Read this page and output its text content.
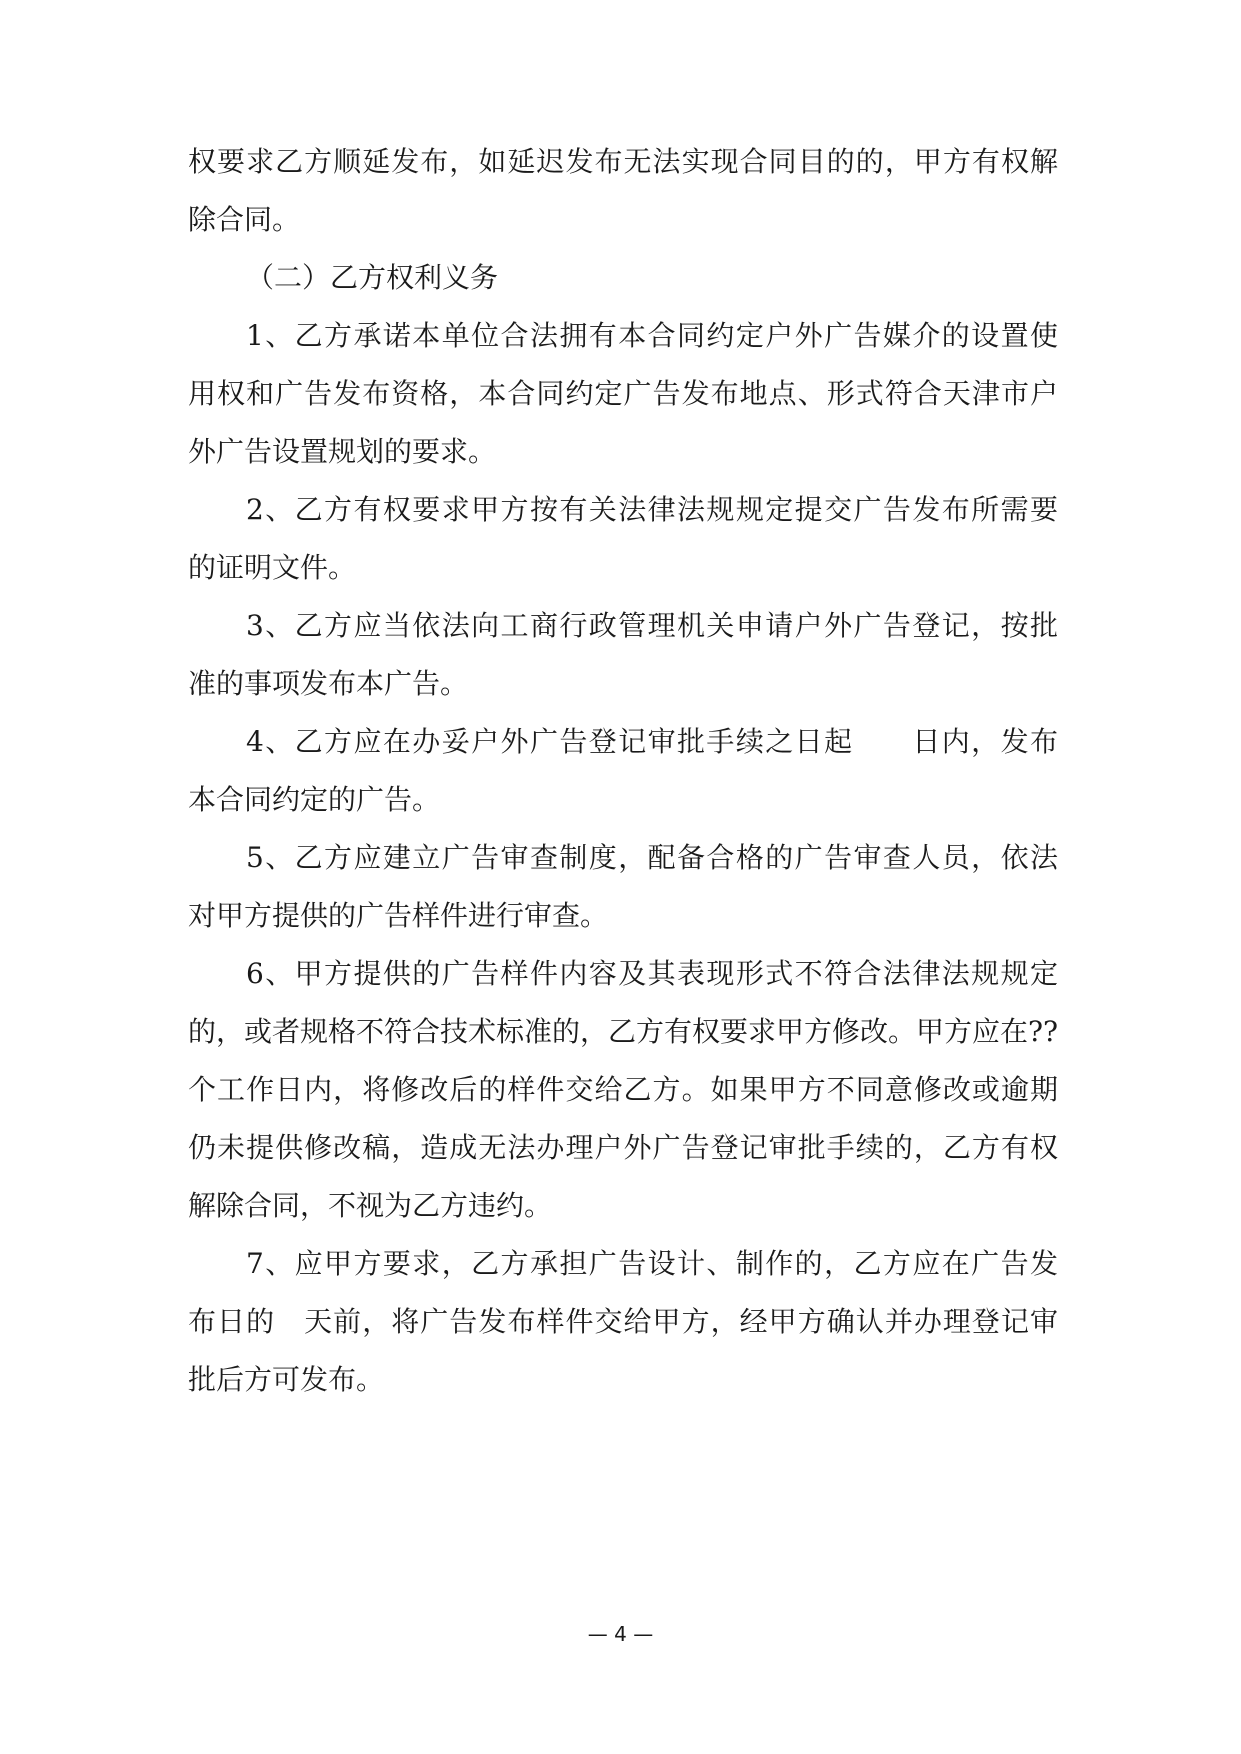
权要求乙方顺延发布，如延迟发布无法实现合同目的的，甲方有权解
除合同。
（二）乙方权利义务
1、乙方承诺本单位合法拥有本合同约定户外广告媒介的设置使
用权和广告发布资格，本合同约定广告发布地点、形式符合天津市户
外广告设置规划的要求。
2、乙方有权要求甲方按有关法律法规规定提交广告发布所需要
的证明文件。
3、乙方应当依法向工商行政管理机关申请户外广告登记，按批
准的事项发布本广告。
4、乙方应在办妥户外广告登记审批手续之日起　　日内，发布
本合同约定的广告。
5、乙方应建立广告审查制度，配备合格的广告审查人员，依法
对甲方提供的广告样件进行审查。
6、甲方提供的广告样件内容及其表现形式不符合法律法规规定
的，或者规格不符合技术标准的，乙方有权要求甲方修改。甲方应在??
个工作日内，将修改后的样件交给乙方。如果甲方不同意修改或逾期
仍未提供修改稿，造成无法办理户外广告登记审批手续的，乙方有权
解除合同，不视为乙方违约。
7、应甲方要求，乙方承担广告设计、制作的，乙方应在广告发
布日的　天前，将广告发布样件交给甲方，经甲方确认并办理登记审
批后方可发布。
— 4 —
